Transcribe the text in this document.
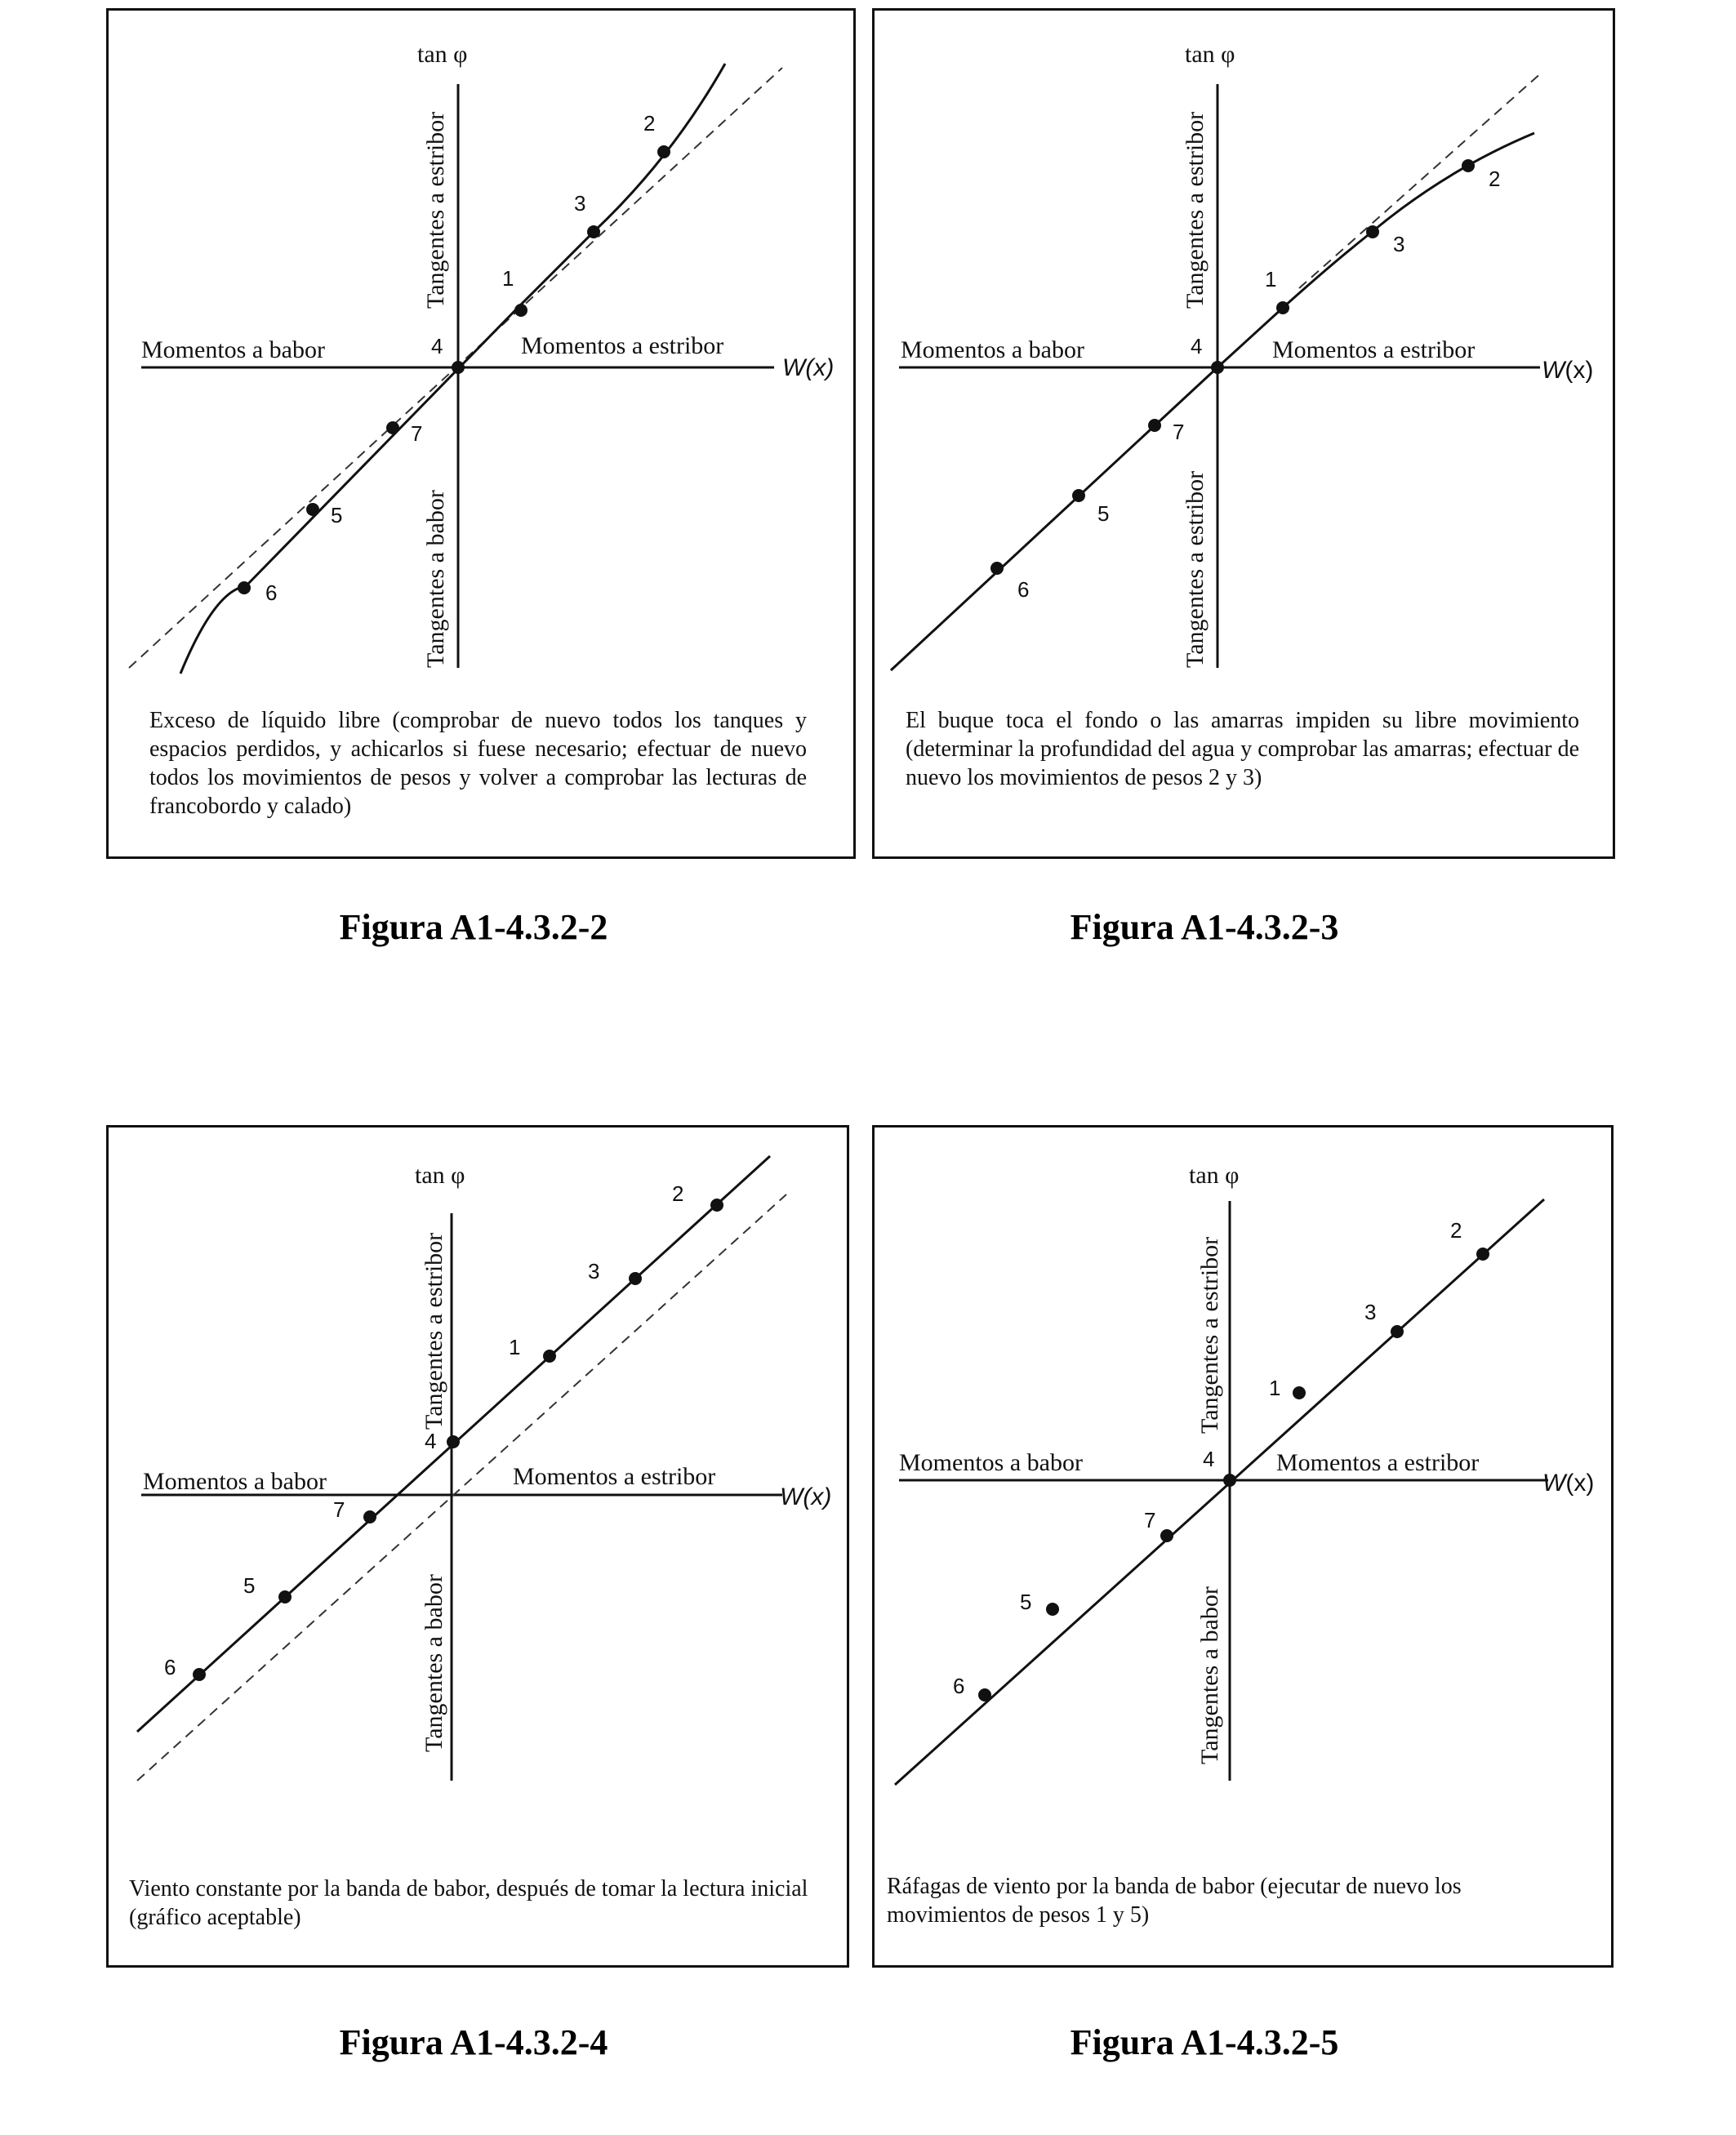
1
2
3
4
5
6
7
tan φ
Momentos a babor	Momentos a estribor
W(x)
Tangentes a estribor
Tangentes a babor
Exceso de líquido libre (comprobar de nuevo todos los tanques y espacios perdidos, y achicarlos si fuese necesario; efectuar de nuevo todos los movimientos de pesos y volver a comprobar las lecturas de francobordo y calado)
Figura A1-4.3.2-2
1
2
3
4
5
6
7
tan φ
Momentos a babor	Momentos a estribor
W(x)
Tangentes a estribor
Tangentes a estribor
El buque toca el fondo o las amarras impiden su libre movimiento (determinar la profundidad del agua y comprobar las amarras; efectuar de nuevo los movimientos de pesos 2 y 3)
Figura A1-4.3.2-3
1
2
3
4
5
6
7
tan φ
Momentos a babor	Momentos a estribor
W(x)
Tangentes a estribor
Tangentes a babor
Viento constante por la banda de babor, después de tomar la lectura inicial (gráfico aceptable)
Figura A1-4.3.2-4
1
2
3
4
5
6
7
tan φ
Momentos a babor	Momentos a estribor
W(x)
Tangentes a estribor
Tangentes a babor
Ráfagas de viento por la banda de babor (ejecutar de nuevo los movimientos de pesos 1 y 5)
Figura A1-4.3.2-5
